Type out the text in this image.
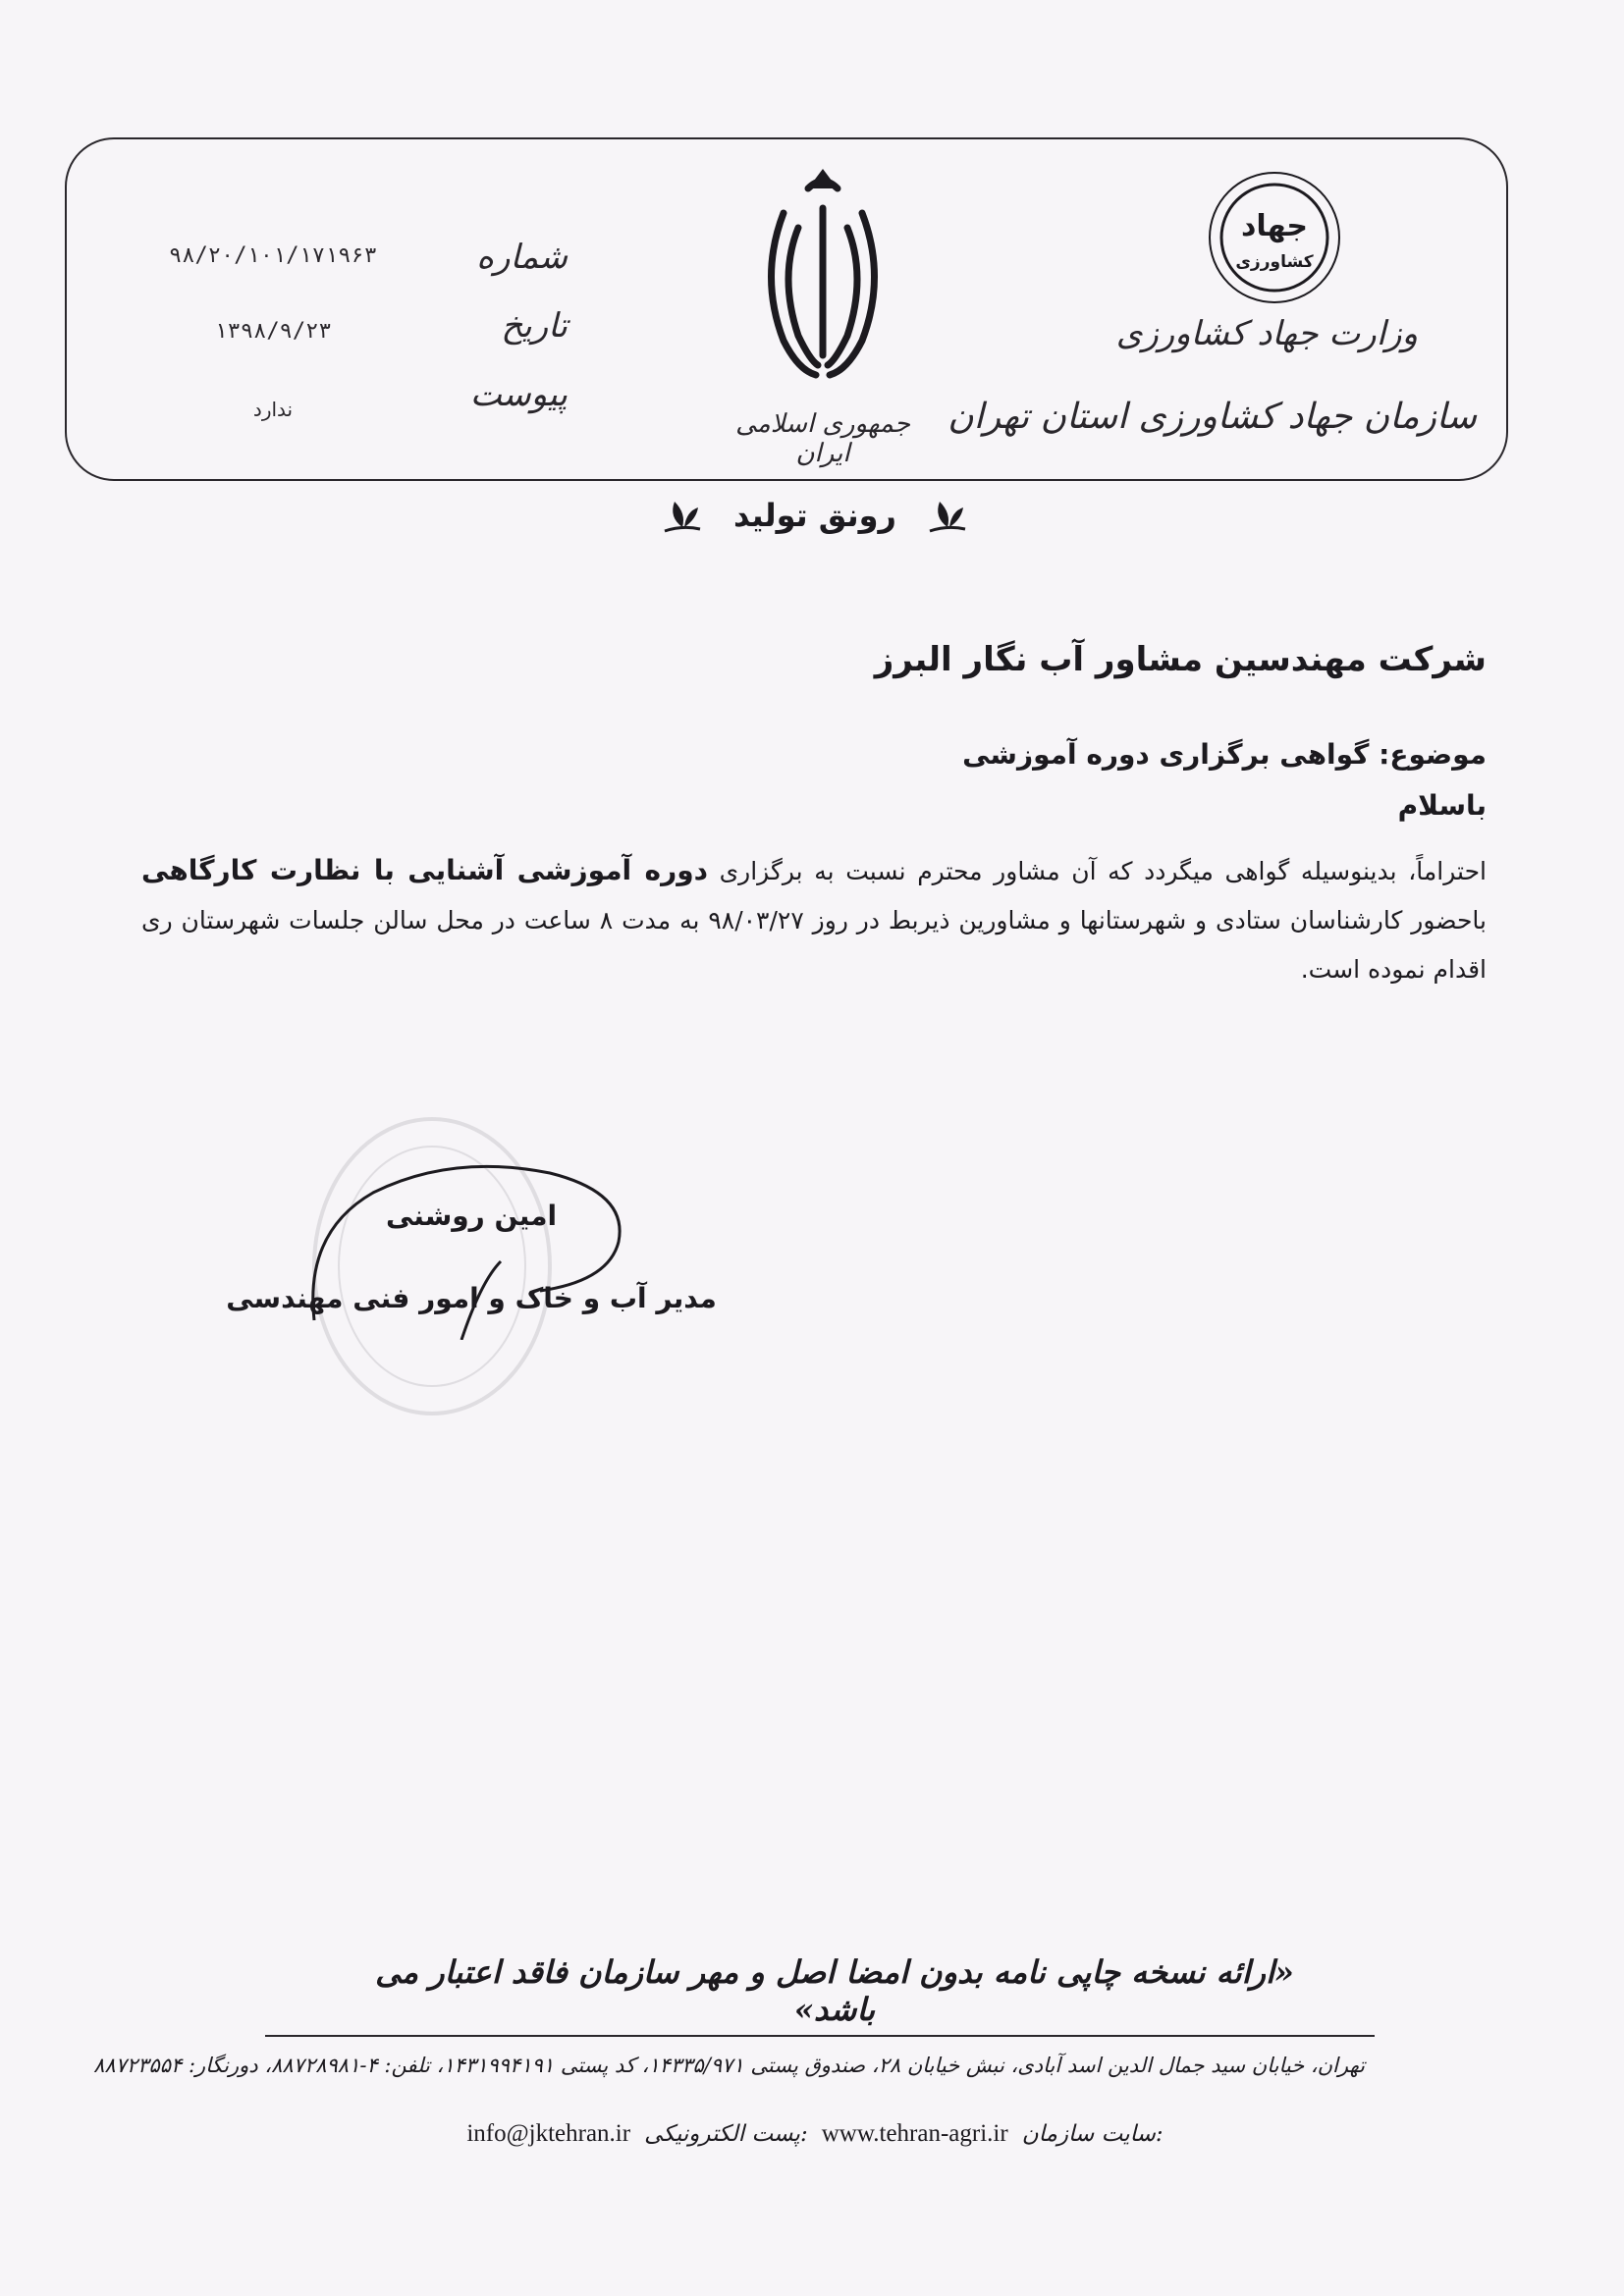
۹۸/۲۰/۱۰۱/۱۷۱۹۶۳
۱۳۹۸/۹/۲۳
ندارد
شماره
تاریخ
پیوست
جمهوری اسلامی ایران
جهاد
کشاورزی
وزارت جهاد کشاورزی
سازمان جهاد کشاورزی استان تهران
رونق تولید
شرکت مهندسین مشاور آب نگار البرز
موضوع: گواهی برگزاری دوره آموزشی
باسلام
احتراماً، بدینوسیله گواهی میگردد که آن مشاور محترم نسبت به برگزاری دوره آموزشی آشنایی با نظارت کارگاهی باحضور کارشناسان ستادی و شهرستانها و مشاورین ذیربط در روز ۹۸/۰۳/۲۷ به مدت ۸ ساعت در محل سالن جلسات شهرستان ری اقدام نموده است.
امین روشنی
مدیر آب و خاک و امور فنی مهندسی
«ارائه نسخه چاپی نامه بدون امضا اصل و مهر سازمان فاقد اعتبار می باشد»
تهران، خیابان سید جمال الدین اسد آبادی، نبش خیابان ۲۸، صندوق پستی ۱۴۳۳۵/۹۷۱، کد پستی ۱۴۳۱۹۹۴۱۹۱، تلفن: ۴-۸۸۷۲۸۹۸۱، دورنگار: ۸۸۷۲۳۵۵۴
info@jktehran.ir پست الکترونیکی: www.tehran-agri.ir سایت سازمان:
